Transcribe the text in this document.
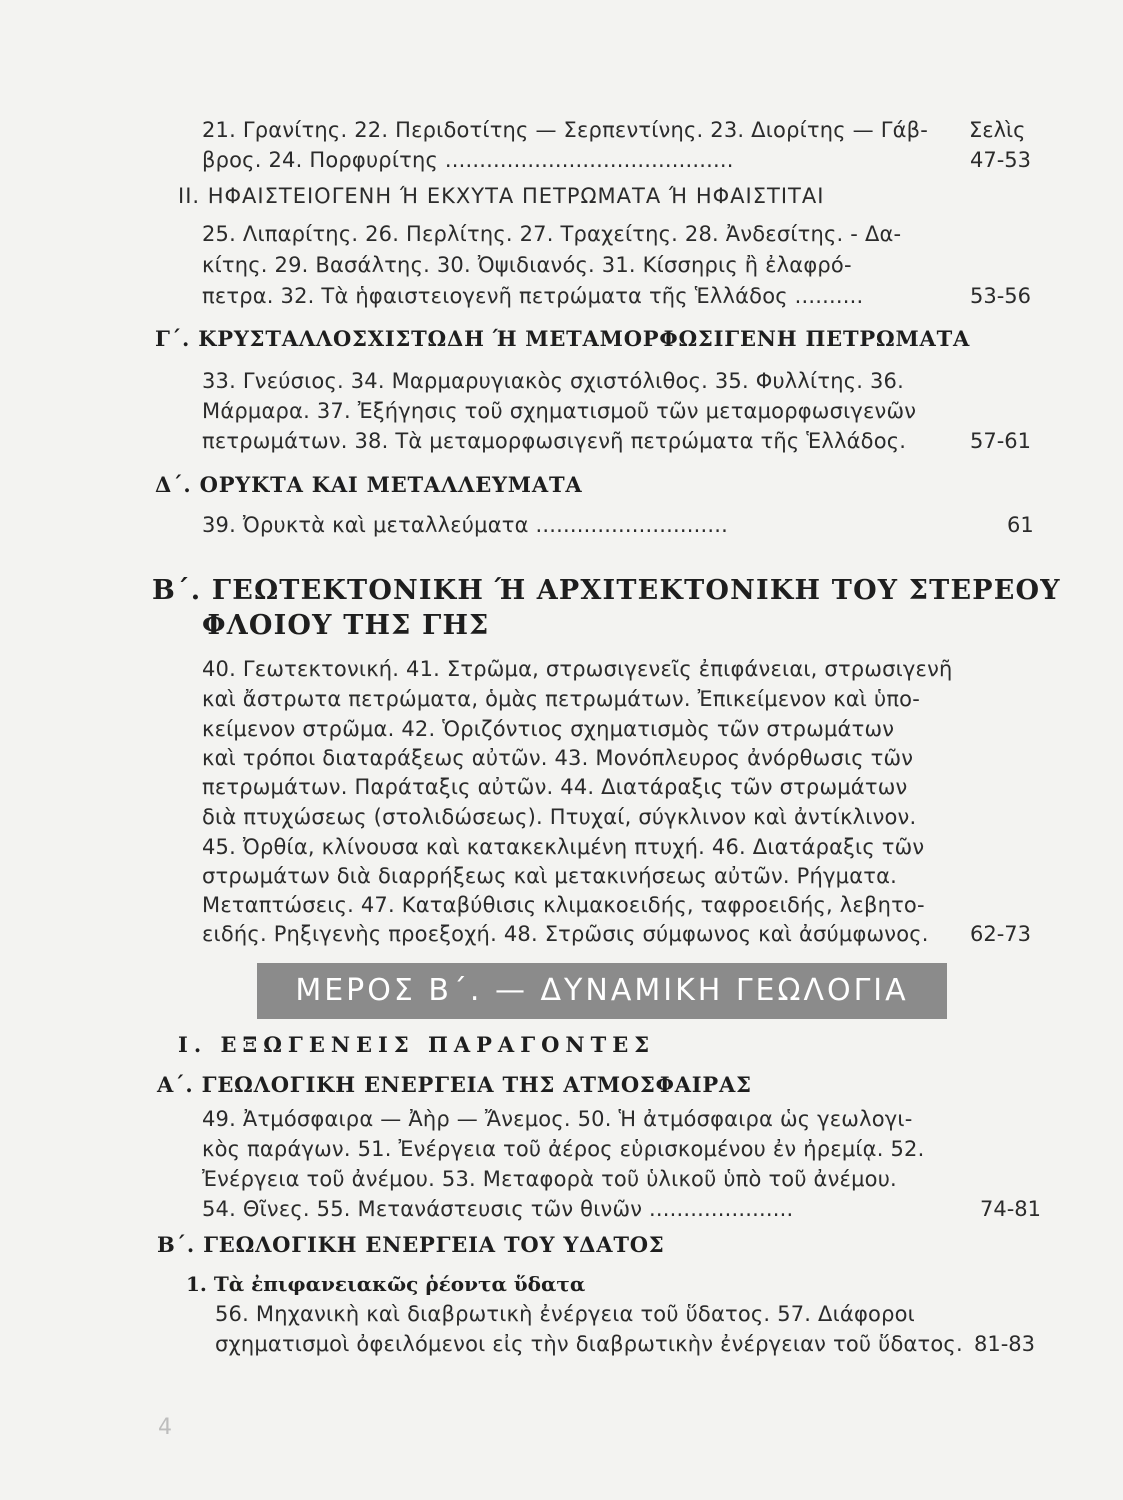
Σελὶς
21. Γρανίτης. 22. Περιδοτίτης — Σερπεντίνης. 23. Διορίτης — Γάβ-
βρος. 24. Πορφυρίτης ..........................................	47-53
II. ΗΦΑΙΣΤΕΙΟΓΕΝΗ Ή ΕΚΧΥΤΑ ΠΕΤΡΩΜΑΤΑ Ή ΗΦΑΙΣΤΙΤΑΙ
25. Λιπαρίτης. 26. Περλίτης. 27. Τραχείτης. 28. Ἀνδεσίτης. - Δα-
κίτης. 29. Βασάλτης. 30. Ὀψιδιανός. 31. Κίσσηρις ἢ ἐλαφρό-
πετρα. 32. Τὰ ἡφαιστειογενῆ πετρώματα τῆς Ἑλλάδος ..........	53-56
Γ΄. ΚΡΥΣΤΑΛΛΟΣΧΙΣΤΩΔΗ Ή ΜΕΤΑΜΟΡΦΩΣΙΓΕΝΗ ΠΕΤΡΩΜΑΤΑ
33. Γνεύσιος. 34. Μαρμαρυγιακὸς σχιστόλιθος. 35. Φυλλίτης. 36.
Μάρμαρα. 37. Ἐξήγησις τοῦ σχηματισμοῦ τῶν μεταμορφωσιγενῶν
πετρωμάτων. 38. Τὰ μεταμορφωσιγενῆ πετρώματα τῆς Ἑλλάδος.	57-61
Δ΄. ΟΡΥΚΤΑ ΚΑΙ ΜΕΤΑΛΛΕΥΜΑΤΑ
39. Ὀρυκτὰ καὶ μεταλλεύματα ............................	61
Β΄. ΓΕΩΤΕΚΤΟΝΙΚΗ Ή ΑΡΧΙΤΕΚΤΟΝΙΚΗ ΤΟΥ ΣΤΕΡΕΟΥ
ΦΛΟΙΟΥ ΤΗΣ ΓΗΣ
40. Γεωτεκτονική. 41. Στρῶμα, στρωσιγενεῖς ἐπιφάνειαι, στρωσιγενῆ
καὶ ἄστρωτα πετρώματα, ὁμὰς πετρωμάτων. Ἐπικείμενον καὶ ὑπο-
κείμενον στρῶμα. 42. Ὁριζόντιος σχηματισμὸς τῶν στρωμάτων
καὶ τρόποι διαταράξεως αὐτῶν. 43. Μονόπλευρος ἀνόρθωσις τῶν
πετρωμάτων. Παράταξις αὐτῶν. 44. Διατάραξις τῶν στρωμάτων
διὰ πτυχώσεως (στολιδώσεως). Πτυχαί, σύγκλινον καὶ ἀντίκλινον.
45. Ὀρθία, κλίνουσα καὶ κατακεκλιμένη πτυχή. 46. Διατάραξις τῶν
στρωμάτων διὰ διαρρήξεως καὶ μετακινήσεως αὐτῶν. Ρήγματα.
Μεταπτώσεις. 47. Καταβύθισις κλιμακοειδής, ταφροειδής, λεβητο-
ειδής. Ρηξιγενὴς προεξοχή. 48. Στρῶσις σύμφωνος καὶ ἀσύμφωνος. 62-73
ΜΕΡΟΣ Β΄. — ΔΥΝΑΜΙΚΗ ΓΕΩΛΟΓΙΑ
I. ΕΞΩΓΕΝΕΙΣ ΠΑΡΑΓΟΝΤΕΣ
Α΄. ΓΕΩΛΟΓΙΚΗ ΕΝΕΡΓΕΙΑ ΤΗΣ ΑΤΜΟΣΦΑΙΡΑΣ
49. Ἀτμόσφαιρα — Ἀὴρ — Ἄνεμος. 50. Ἡ ἀτμόσφαιρα ὡς γεωλογι-
κὸς παράγων. 51. Ἐνέργεια τοῦ ἀέρος εὑρισκομένου ἐν ἠρεμίᾳ. 52.
Ἐνέργεια τοῦ ἀνέμου. 53. Μεταφορὰ τοῦ ὑλικοῦ ὑπὸ τοῦ ἀνέμου.
54. Θῖνες. 55. Μετανάστευσις τῶν θινῶν .....................	74-81
Β΄. ΓΕΩΛΟΓΙΚΗ ΕΝΕΡΓΕΙΑ ΤΟΥ ΥΔΑΤΟΣ
1. Τὰ ἐπιφανειακῶς ῥέοντα ὕδατα
56. Μηχανικὴ καὶ διαβρωτικὴ ἐνέργεια τοῦ ὕδατος. 57. Διάφοροι
σχηματισμοὶ ὀφειλόμενοι εἰς τὴν διαβρωτικὴν ἐνέργειαν τοῦ ὕδατος. 81-83
4
